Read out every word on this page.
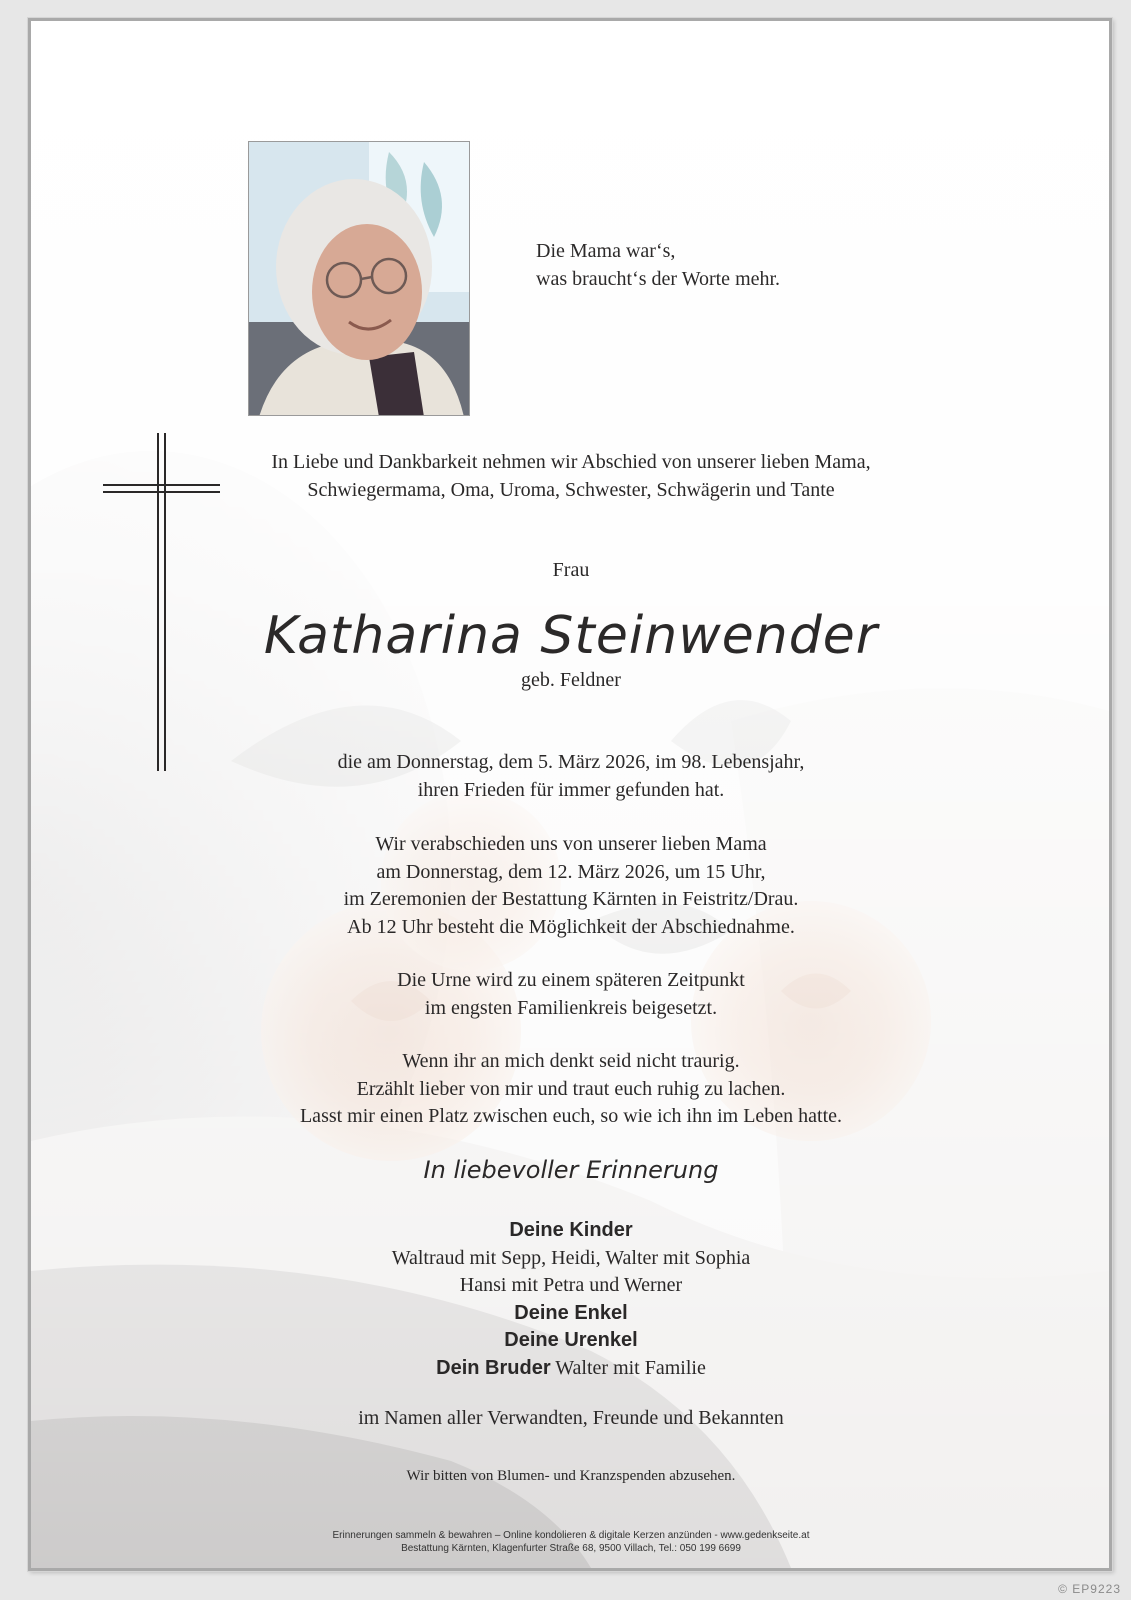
Die Mama war‘s,
was braucht‘s der Worte mehr.
In Liebe und Dankbarkeit nehmen wir Abschied von unserer lieben Mama,
Schwiegermama, Oma, Uroma, Schwester, Schwägerin und Tante
Frau
Katharina Steinwender
geb. Feldner
die am Donnerstag, dem 5. März 2026, im 98. Lebensjahr,
ihren Frieden für immer gefunden hat.
Wir verabschieden uns von unserer lieben Mama
am Donnerstag, dem 12. März 2026, um 15 Uhr,
im Zeremonien der Bestattung Kärnten in Feistritz/Drau.
Ab 12 Uhr besteht die Möglichkeit der Abschiednahme.
Die Urne wird zu einem späteren Zeitpunkt
im engsten Familienkreis beigesetzt.
Wenn ihr an mich denkt seid nicht traurig.
Erzählt lieber von mir und traut euch ruhig zu lachen.
Lasst mir einen Platz zwischen euch, so wie ich ihn im Leben hatte.
In liebevoller Erinnerung
Deine Kinder
Waltraud mit Sepp, Heidi, Walter mit Sophia
Hansi mit Petra und Werner
Deine Enkel
Deine Urenkel
Dein Bruder Walter mit Familie
im Namen aller Verwandten, Freunde und Bekannten
Wir bitten von Blumen- und Kranzspenden abzusehen.
Erinnerungen sammeln & bewahren – Online kondolieren & digitale Kerzen anzünden - www.gedenkseite.at
Bestattung Kärnten, Klagenfurter Straße 68, 9500 Villach, Tel.: 050 199 6699
© EP9223
